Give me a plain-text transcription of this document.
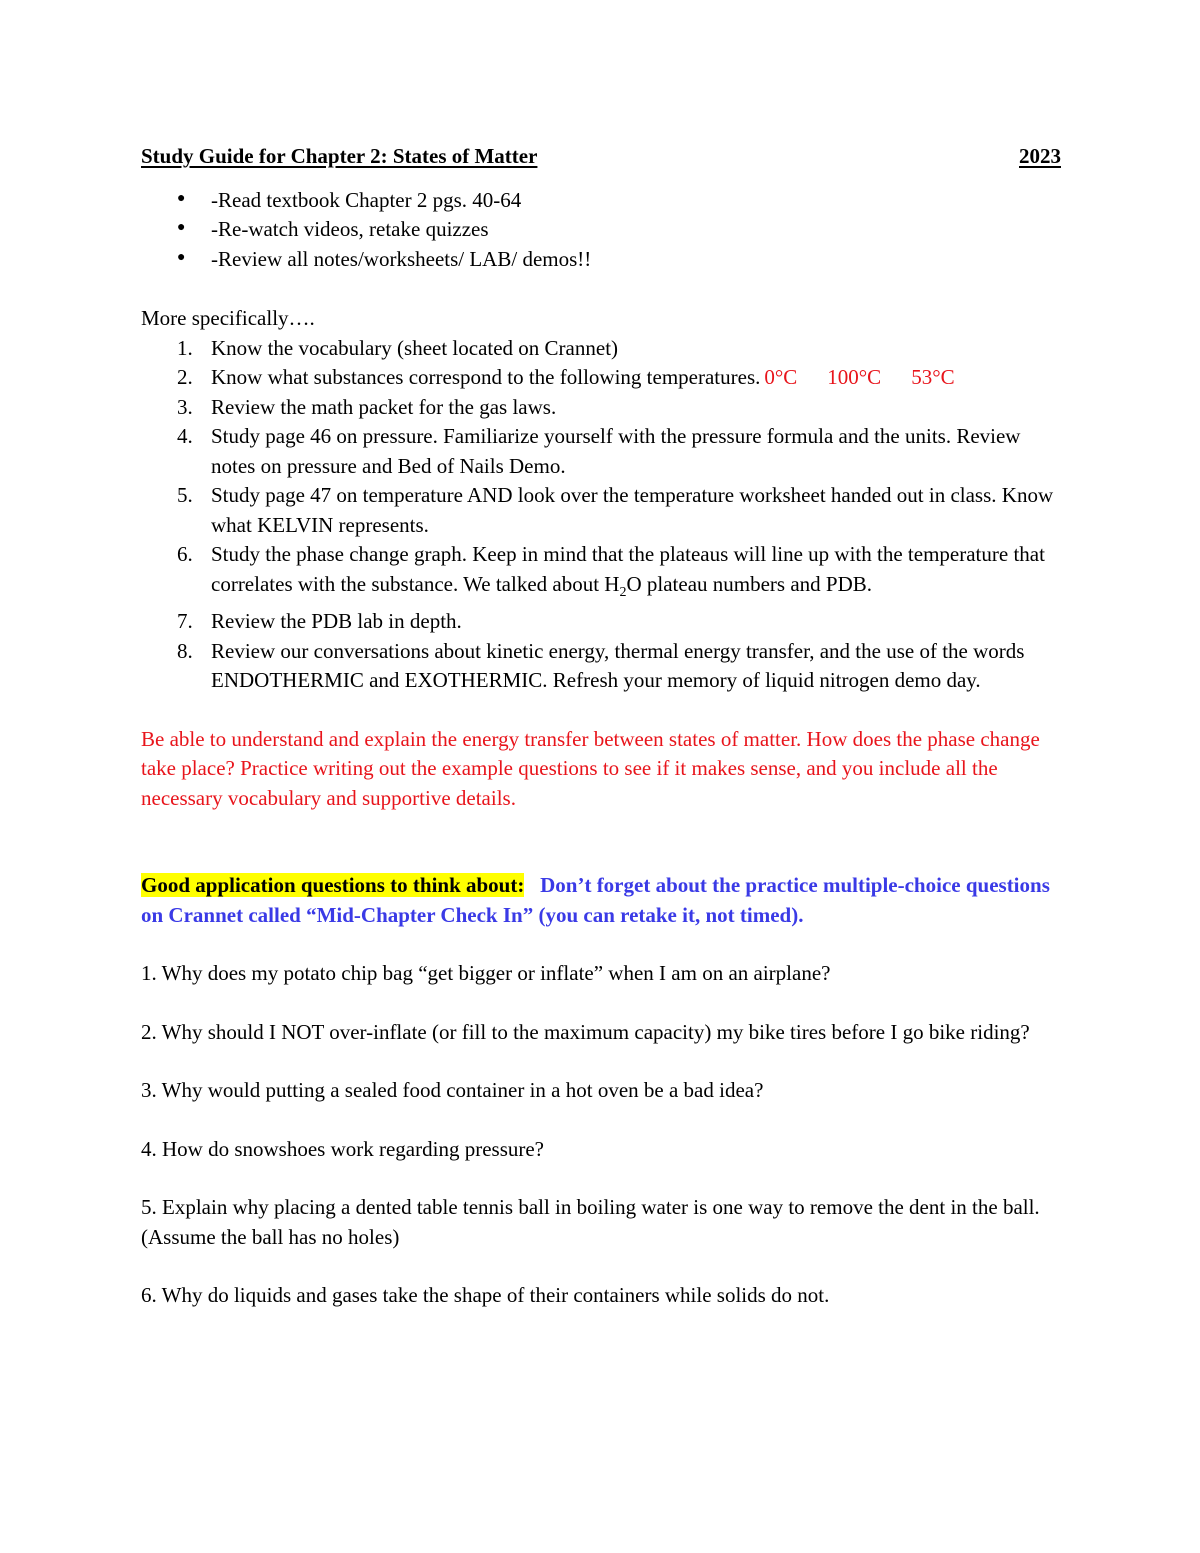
Study Guide for Chapter 2: States of Matter	2023
● -Read textbook Chapter 2 pgs. 40-64
● -Re-watch videos, retake quizzes
● -Review all notes/worksheets/ LAB/ demos!!

More specifically….

1. Know the vocabulary (sheet located on Crannet)
2. Know what substances correspond to the following temperatures. 0°C 100°C 53°C
3. Review the math packet for the gas laws.
4. Study page 46 on pressure. Familiarize yourself with the pressure formula and the units. Review notes on pressure and Bed of Nails Demo.
5. Study page 47 on temperature AND look over the temperature worksheet handed out in class. Know what KELVIN represents.
6. Study the phase change graph. Keep in mind that the plateaus will line up with the temperature that correlates with the substance. We talked about $H_2O$ plateau numbers and PDB.
7. Review the PDB lab in depth.
8. Review our conversations about kinetic energy, thermal energy transfer, and the use of the words ENDOTHERMIC and EXOTHERMIC. Refresh your memory of liquid nitrogen demo day.

Be able to understand and explain the energy transfer between states of matter. How does the phase change take place? Practice writing out the example questions to see if it makes sense, and you include all the necessary vocabulary and supportive details.

Good application questions to think about: Don’t forget about the practice multiple-choice questions on Crannet called “Mid-Chapter Check In” (you can retake it, not timed).

1. Why does my potato chip bag “get bigger or inflate” when I am on an airplane?

2. Why should I NOT over-inflate (or fill to the maximum capacity) my bike tires before I go bike riding?

3. Why would putting a sealed food container in a hot oven be a bad idea?

4. How do snowshoes work regarding pressure?

5. Explain why placing a dented table tennis ball in boiling water is one way to remove the dent in the ball. (Assume the ball has no holes)

6. Why do liquids and gases take the shape of their containers while solids do not.
